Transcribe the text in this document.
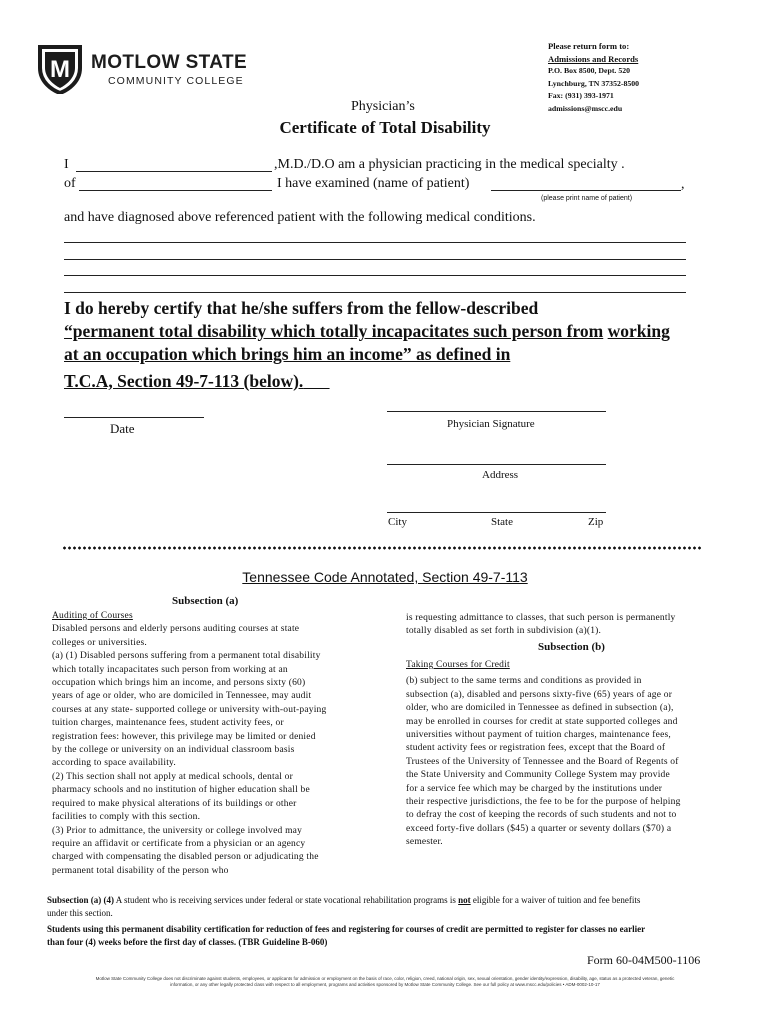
M MOTLOW STATE
COMMUNITY COLLEGE
Please return form to:
Admissions and Records
P.O. Box 8500, Dept. 520
Lynchburg, TN 37352-8500
Fax: (931) 393-1971
admissions@mscc.edu
Physician’s
Certificate of Total Disability
I	,M.D./D.O am a physician practicing in the medical specialty .
of	I have examined (name of patient)	,
(please print name of patient)
and have diagnosed above referenced patient with the following medical conditions.
I do hereby certify that he/she suffers from the fellow-described
“permanent total disability which totally incapacitates such person from working
at an occupation which brings him an income” as defined in
T.C.A, Section 49-7-113 (below).
Date	Physician Signature
Address
City	State	Zip
Tennessee Code Annotated, Section 49-7-113
Subsection (a)
Auditing of Courses
Disabled persons and elderly persons auditing courses at state
colleges or universities.
(a) (1) Disabled persons suffering from a permanent total disability
which totally incapacitates such person from working at an
occupation which brings him an income, and persons sixty (60)
years of age or older, who are domiciled in Tennessee, may audit
courses at any state- supported college or university with-out-paying
tuition charges, maintenance fees, student activity fees, or
registration fees: however, this privilege may be limited or denied
by the college or university on an individual classroom basis
according to space availability.
(2) This section shall not apply at medical schools, dental or
pharmacy schools and no institution of higher education shall be
required to make physical alterations of its buildings or other
facilities to comply with this section.
(3) Prior to admittance, the university or college involved may
require an affidavit or certificate from a physician or an agency
charged with compensating the disabled person or adjudicating the
permanent total disability of the person who
is requesting admittance to classes, that such person is permanently
totally disabled as set forth in subdivision (a)(1).
Subsection (b)
Taking Courses for Credit
(b) subject to the same terms and conditions as provided in
subsection (a), disabled and persons sixty-five (65) years of age or
older, who are domiciled in Tennessee as defined in subsection (a),
may be enrolled in courses for credit at state supported colleges and
universities without payment of tuition charges, maintenance fees,
student activity fees or registration fees, except that the Board of
Trustees of the University of Tennessee and the Board of Regents of
the State University and Community College System may provide
for a service fee which may be charged by the institutions under
their respective jurisdictions, the fee to be for the purpose of helping
to defray the cost of keeping the records of such students and not to
exceed forty-five dollars ($45) a quarter or seventy dollars ($70) a
semester.
Subsection (a) (4) A student who is receiving services under federal or state vocational rehabilitation programs is not eligible for a waiver of tuition and fee benefits
under this section.
Students using this permanent disability certification for reduction of fees and registering for courses of credit are permitted to register for classes no earlier
than four (4) weeks before the first day of classes. (TBR Guideline B-060)
Form 60-04M500-1106
Motlow State Community College does not discriminate against students, employees, or applicants for admission or employment on the basis of race, color, religion, creed, national origin, sex, sexual orientation, gender identity/expression, disability, age, status as a protected veteran, genetic
information, or any other legally protected class with respect to all employment, programs and activities sponsored by Motlow State Community College. See our full policy at www.mscc.edu/policies • ADM-0002-10-17
